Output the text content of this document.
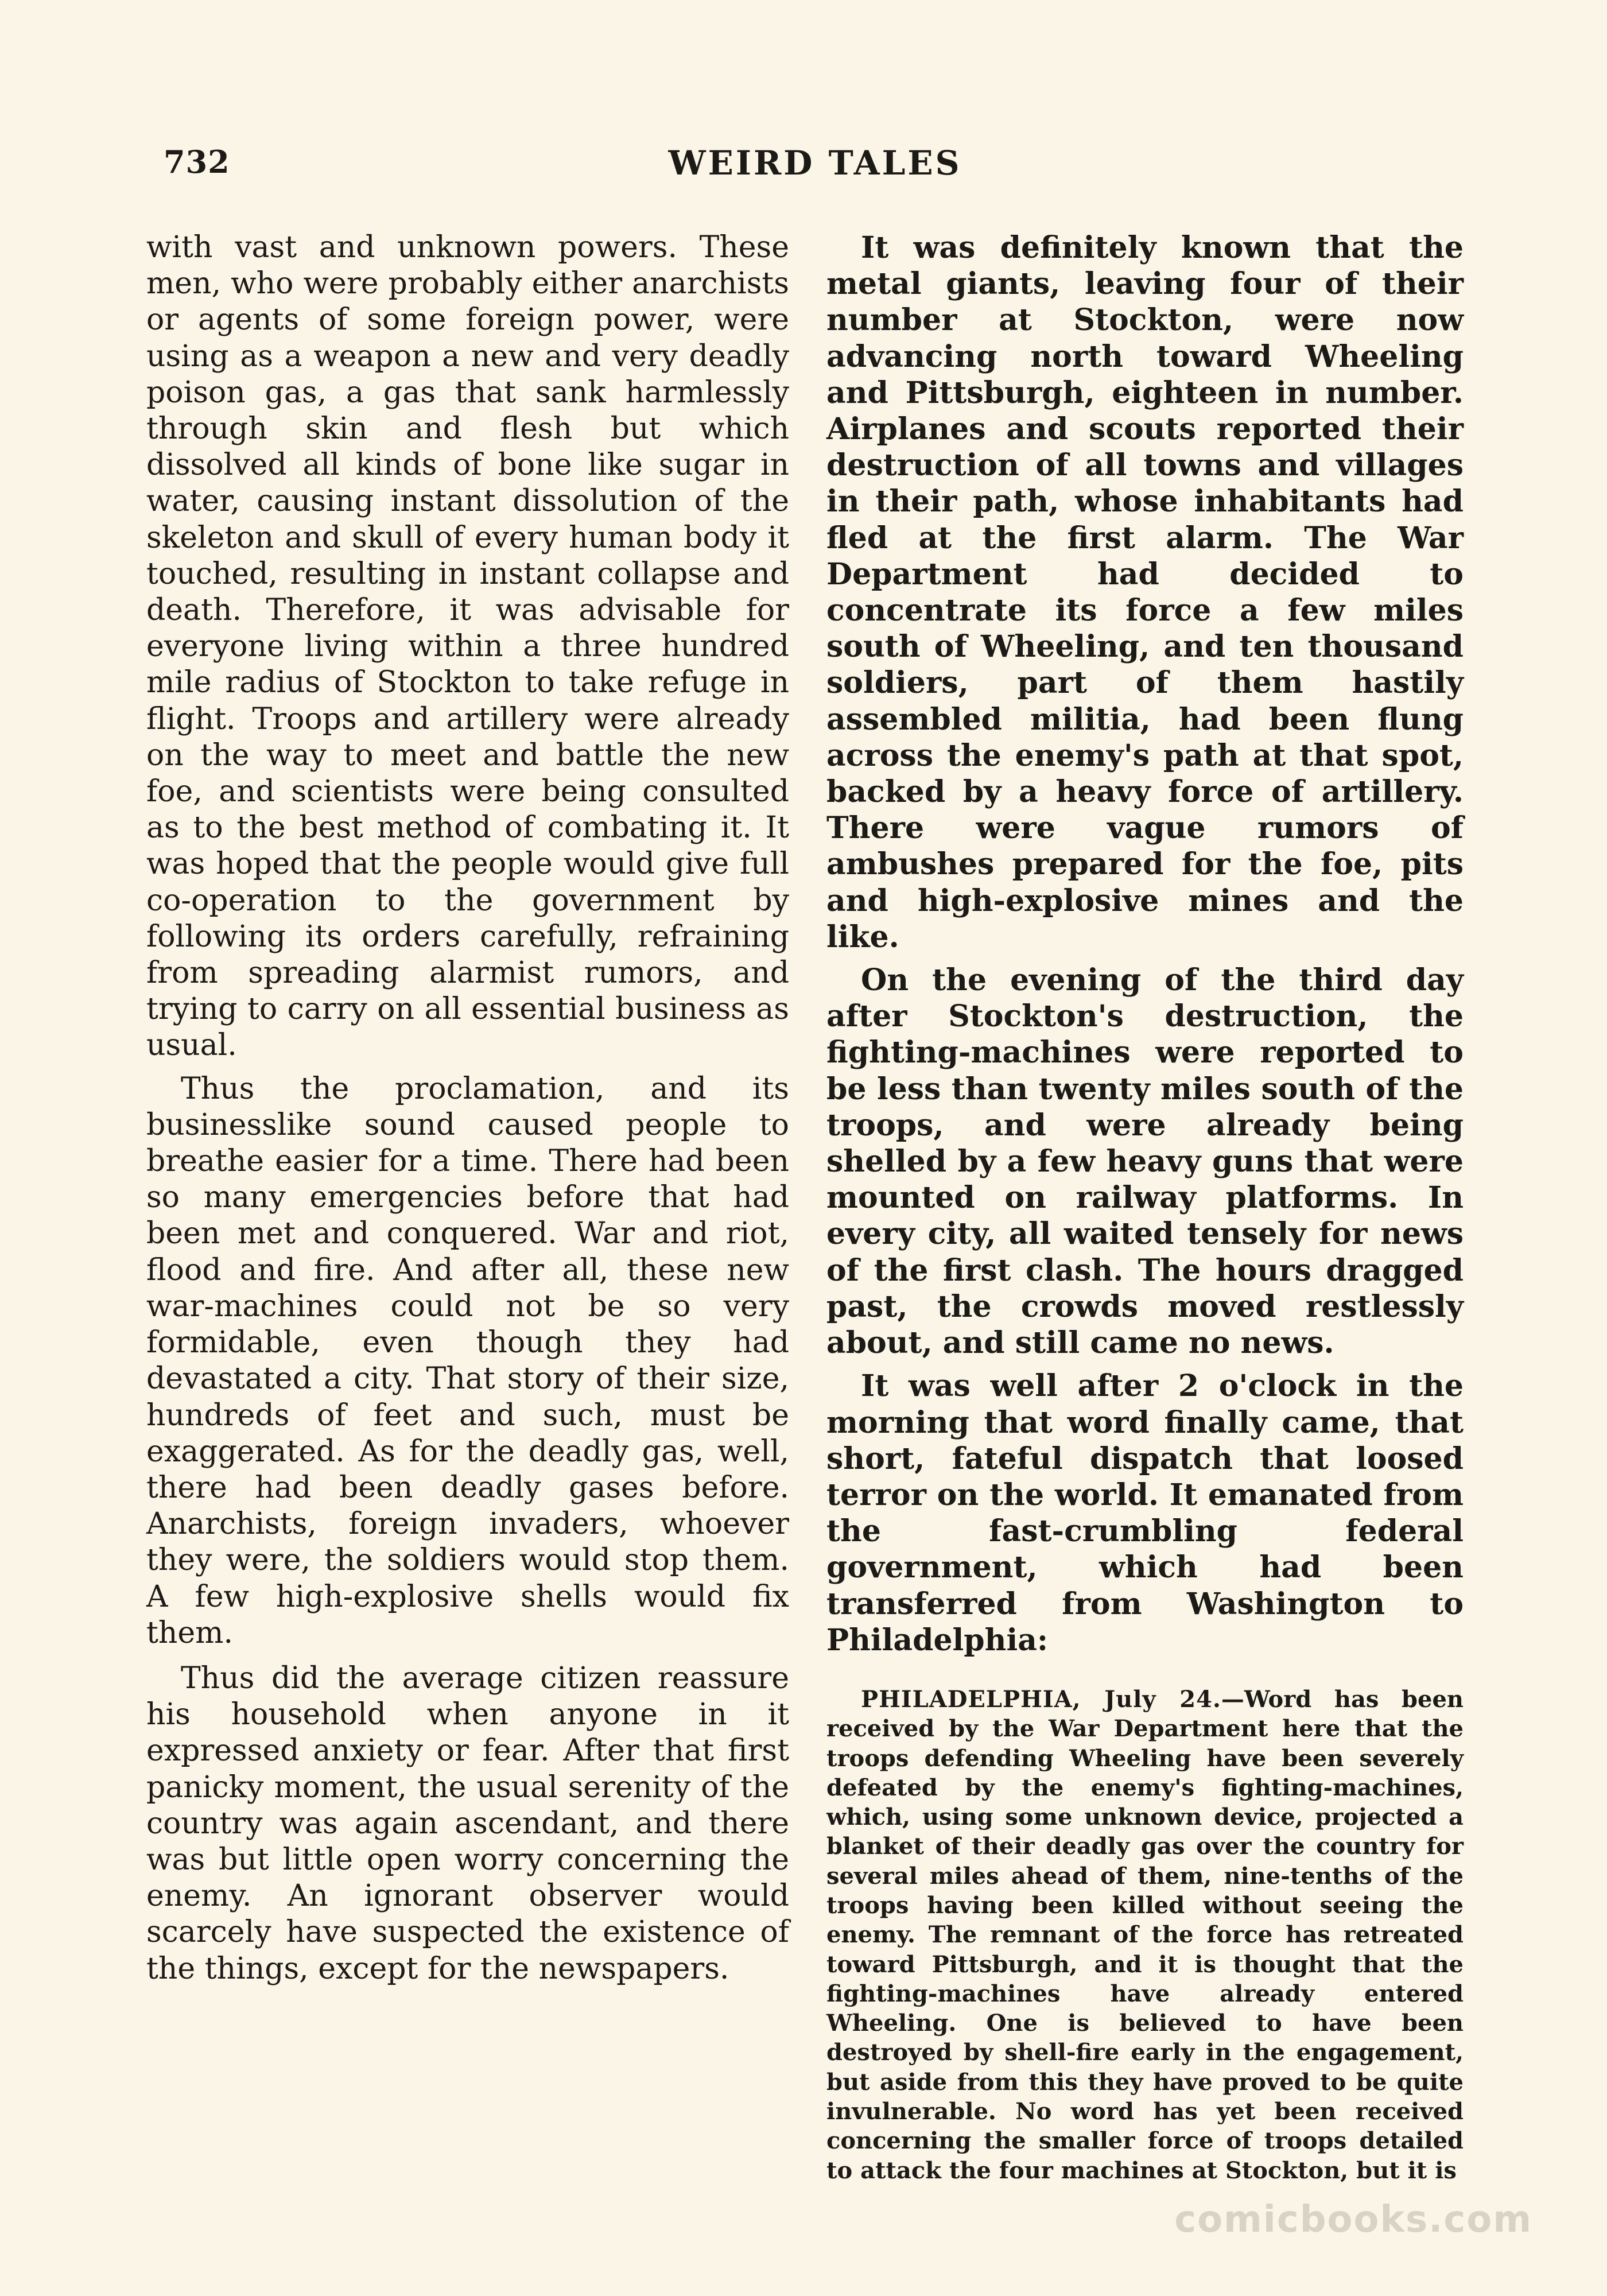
732	WEIRD TALES

with vast and unknown powers. These men, who were probably either anarchists or agents of some foreign power, were using as a weapon a new and very deadly poison gas, a gas that sank harmlessly through skin and flesh but which dissolved all kinds of bone like sugar in water, causing instant dissolution of the skeleton and skull of every human body it touched, resulting in instant collapse and death. Therefore, it was advisable for everyone living within a three hundred mile radius of Stockton to take refuge in flight. Troops and artillery were already on the way to meet and battle the new foe, and scientists were being consulted as to the best method of combating it. It was hoped that the people would give full co-operation to the government by following its orders carefully, refraining from spreading alarmist rumors, and trying to carry on all essential business as usual.

Thus the proclamation, and its businesslike sound caused people to breathe easier for a time. There had been so many emergencies before that had been met and conquered. War and riot, flood and fire. And after all, these new war-machines could not be so very formidable, even though they had devastated a city. That story of their size, hundreds of feet and such, must be exaggerated. As for the deadly gas, well, there had been deadly gases before. Anarchists, foreign invaders, whoever they were, the soldiers would stop them. A few high-explosive shells would fix them.

Thus did the average citizen reassure his household when anyone in it expressed anxiety or fear. After that first panicky moment, the usual serenity of the country was again ascendant, and there was but little open worry concerning the enemy. An ignorant observer would scarcely have suspected the existence of the things, except for the newspapers.

It was definitely known that the metal giants, leaving four of their number at Stockton, were now advancing north toward Wheeling and Pittsburgh, eighteen in number. Airplanes and scouts reported their destruction of all towns and villages in their path, whose inhabitants had fled at the first alarm. The War Department had decided to concentrate its force a few miles south of Wheeling, and ten thousand soldiers, part of them hastily assembled militia, had been flung across the enemy's path at that spot, backed by a heavy force of artillery. There were vague rumors of ambushes prepared for the foe, pits and high-explosive mines and the like.

On the evening of the third day after Stockton's destruction, the fighting-machines were reported to be less than twenty miles south of the troops, and were already being shelled by a few heavy guns that were mounted on railway platforms. In every city, all waited tensely for news of the first clash. The hours dragged past, the crowds moved restlessly about, and still came no news.

It was well after 2 o'clock in the morning that word finally came, that short, fateful dispatch that loosed terror on the world. It emanated from the fast-crumbling federal government, which had been transferred from Washington to Philadelphia:

PHILADELPHIA, July 24.—Word has been received by the War Department here that the troops defending Wheeling have been severely defeated by the enemy's fighting-machines, which, using some unknown device, projected a blanket of their deadly gas over the country for several miles ahead of them, nine-tenths of the troops having been killed without seeing the enemy. The remnant of the force has retreated toward Pittsburgh, and it is thought that the fighting-machines have already entered Wheeling. One is believed to have been destroyed by shell-fire early in the engagement, but aside from this they have proved to be quite invulnerable. No word has yet been received concerning the smaller force of troops detailed to attack the four machines at Stockton, but it is

comicbooks.com
